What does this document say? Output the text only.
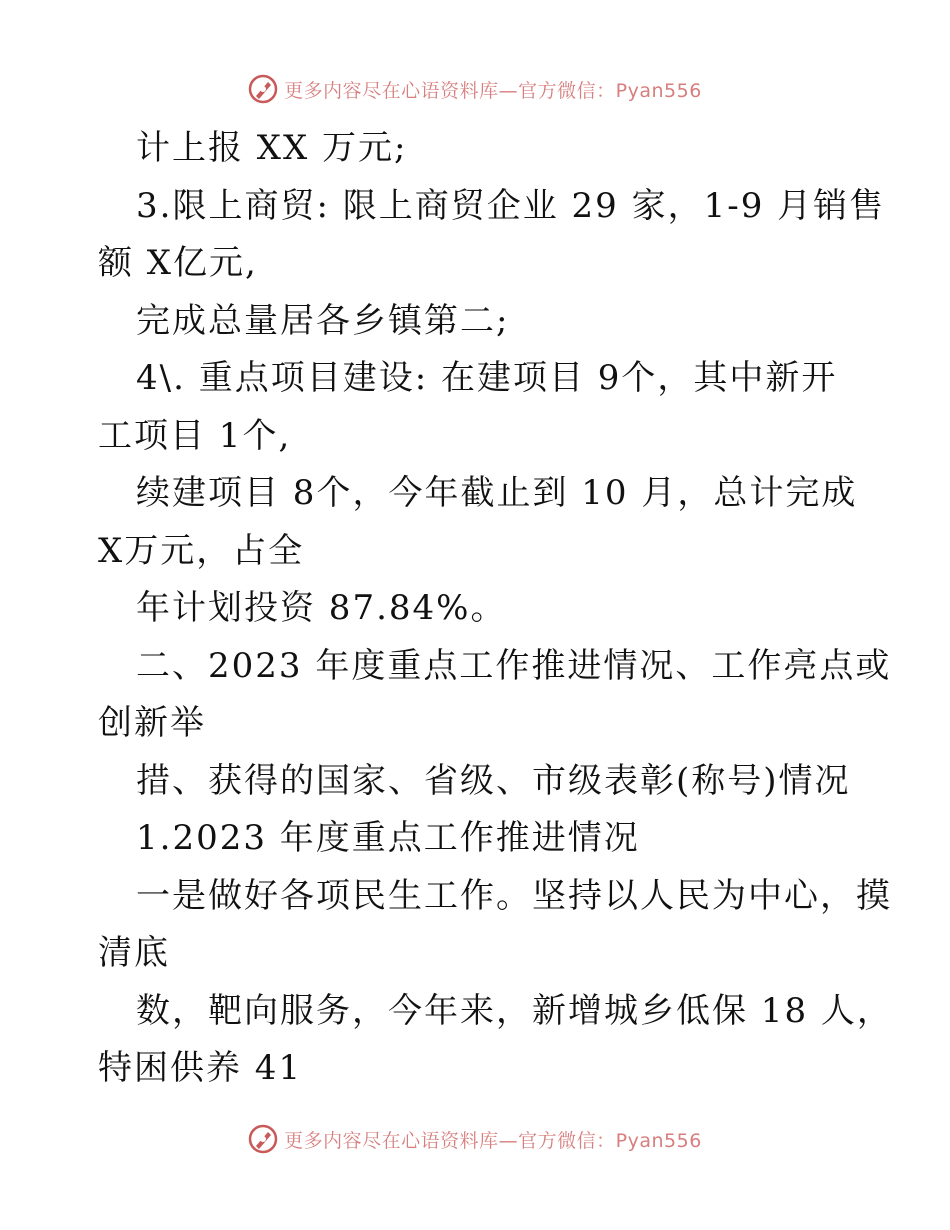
更多内容尽在心语资料库—官方微信：Pyan556
计上报 XX 万元;
3.限上商贸: 限上商贸企业 29 家，1-9 月销售
额 X亿元,
完成总量居各乡镇第二;
4\. 重点项目建设: 在建项目 9个，其中新开
工项目 1个,
续建项目 8个，今年截止到 10 月，总计完成
X万元，占全
年计划投资 87.84%。
二、2023 年度重点工作推进情况、工作亮点或
创新举
措、获得的国家、省级、市级表彰(称号)情况
1.2023 年度重点工作推进情况
一是做好各项民生工作。坚持以人民为中心，摸
清底
数，靶向服务，今年来，新增城乡低保 18 人，
特困供养 41
更多内容尽在心语资料库—官方微信：Pyan556
